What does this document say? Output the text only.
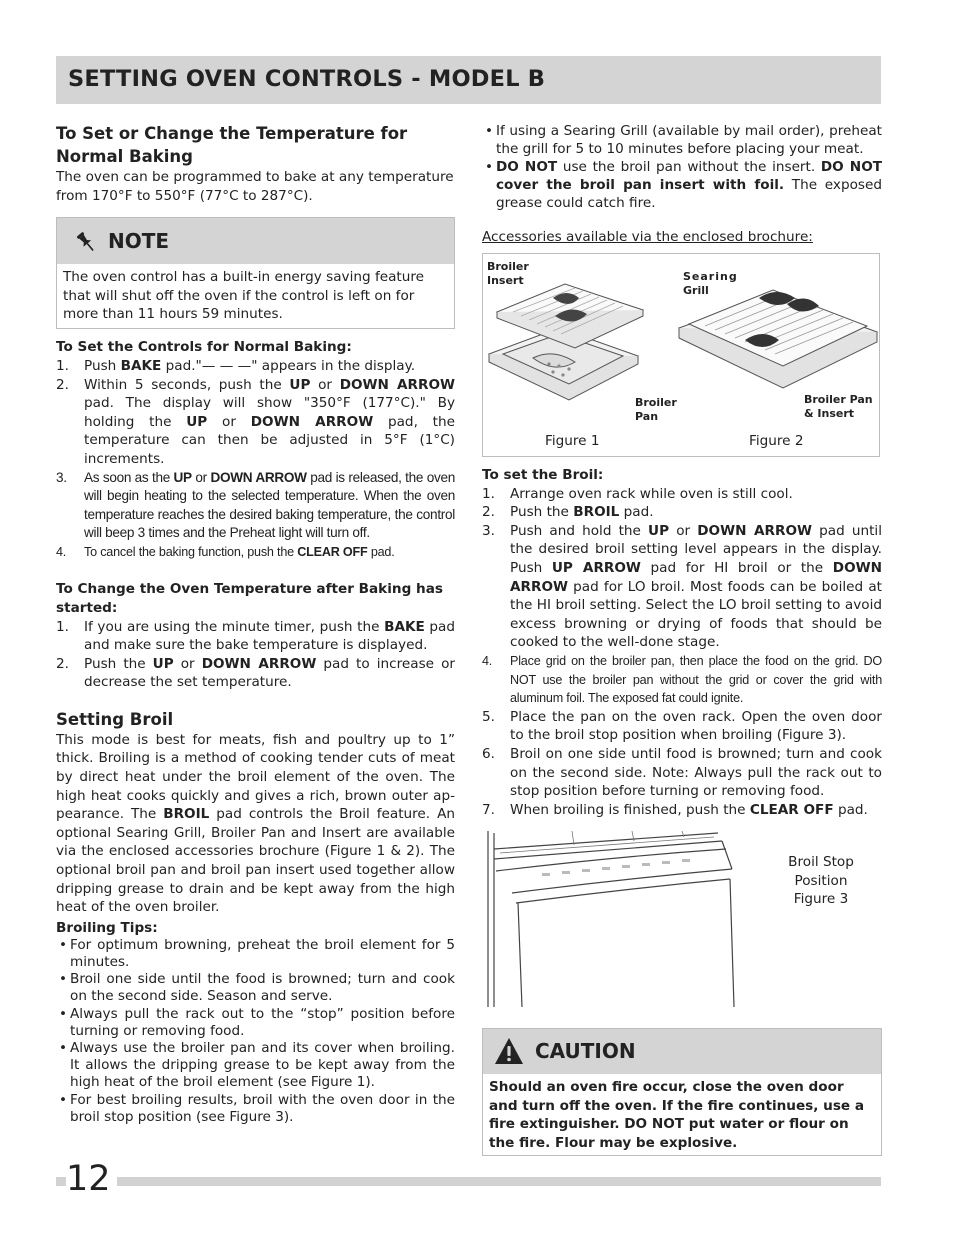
SETTING OVEN CONTROLS - MODEL B
To Set or Change the Temperature for Normal Baking

The oven can be programmed to bake at any temperature from 170°F to 550°F (77°C to 287°C).

NOTE

The oven control has a built-in energy saving feature that will shut off the oven if the control is left on for more than 11 hours 59 minutes.

To Set the Controls for Normal Baking:
1. Push BAKE pad."— — —" appears in the display.
2. Within 5 seconds, push the UP or DOWN ARROW pad. The display will show "350°F (177°C)." By holding the UP or DOWN ARROW pad, the temperature can then be adjusted in 5°F (1°C) increments.
3. As soon as the UP or DOWN ARROW pad is released, the oven will begin heating to the selected temperature. When the oven temperature reaches the desired baking temperature, the control will beep 3 times and the Preheat light will turn off.
4. To cancel the baking function, push the CLEAR OFF pad.
To Change the Oven Temperature after Baking has started:
1. If you are using the minute timer, push the BAKE pad and make sure the bake temperature is displayed.
2. Push the UP or DOWN ARROW pad to increase or decrease the set temperature.
Setting Broil

This mode is best for meats, fish and poultry up to 1” thick. Broiling is a method of cooking tender cuts of meat by direct heat under the broil element of the oven. The high heat cooks quickly and gives a rich, brown outer ap-pearance. The BROIL pad controls the Broil feature. An optional Searing Grill, Broiler Pan and Insert are available via the enclosed accessories brochure (Figure 1 & 2). The optional broil pan and broil pan insert used together allow dripping grease to drain and be kept away from the high heat of the oven broiler.

Broiling Tips:
• For optimum browning, preheat the broil element for 5 minutes.
• Broil one side until the food is browned; turn and cook on the second side. Season and serve.
• Always pull the rack out to the “stop” position before turning or removing food.
• Always use the broiler pan and its cover when broiling. It allows the dripping grease to be kept away from the high heat of the broil element (see Figure 1).
• For best broiling results, broil with the oven door in the broil stop position (see Figure 3).
• If using a Searing Grill (available by mail order), preheat the grill for 5 to 10 minutes before placing your meat.
• DO NOT use the broil pan without the insert. DO NOT cover the broil pan insert with foil. The exposed grease could catch fire.

Accessories available via the enclosed brochure:

Broiler
Insert	Searing
Grill
Broiler
Pan
Broiler Pan
& Insert
Figure 1	Figure 2
To set the Broil:
1. Arrange oven rack while oven is still cool.
2. Push the BROIL pad.
3. Push and hold the UP or DOWN ARROW pad until the desired broil setting level appears in the display. Push UP ARROW pad for HI broil or the DOWN ARROW pad for LO broil. Most foods can be boiled at the HI broil setting. Select the LO broil setting to avoid excess browning or drying of foods that should be cooked to the well-done stage.
4. Place grid on the broiler pan, then place the food on the grid. DO NOT use the broiler pan without the grid or cover the grid with aluminum foil. The exposed fat could ignite.
5. Place the pan on the oven rack. Open the oven door to the broil stop position when broiling (Figure 3).
6. Broil on one side until food is browned; turn and cook on the second side. Note: Always pull the rack out to stop position before turning or removing food.
7. When broiling is finished, push the CLEAR OFF pad.
Broil Stop
Position
Figure 3
CAUTION

Should an oven fire occur, close the oven door and turn off the oven. If the fire continues, use a fire extinguisher. DO NOT put water or flour on the fire. Flour may be explosive.

12
